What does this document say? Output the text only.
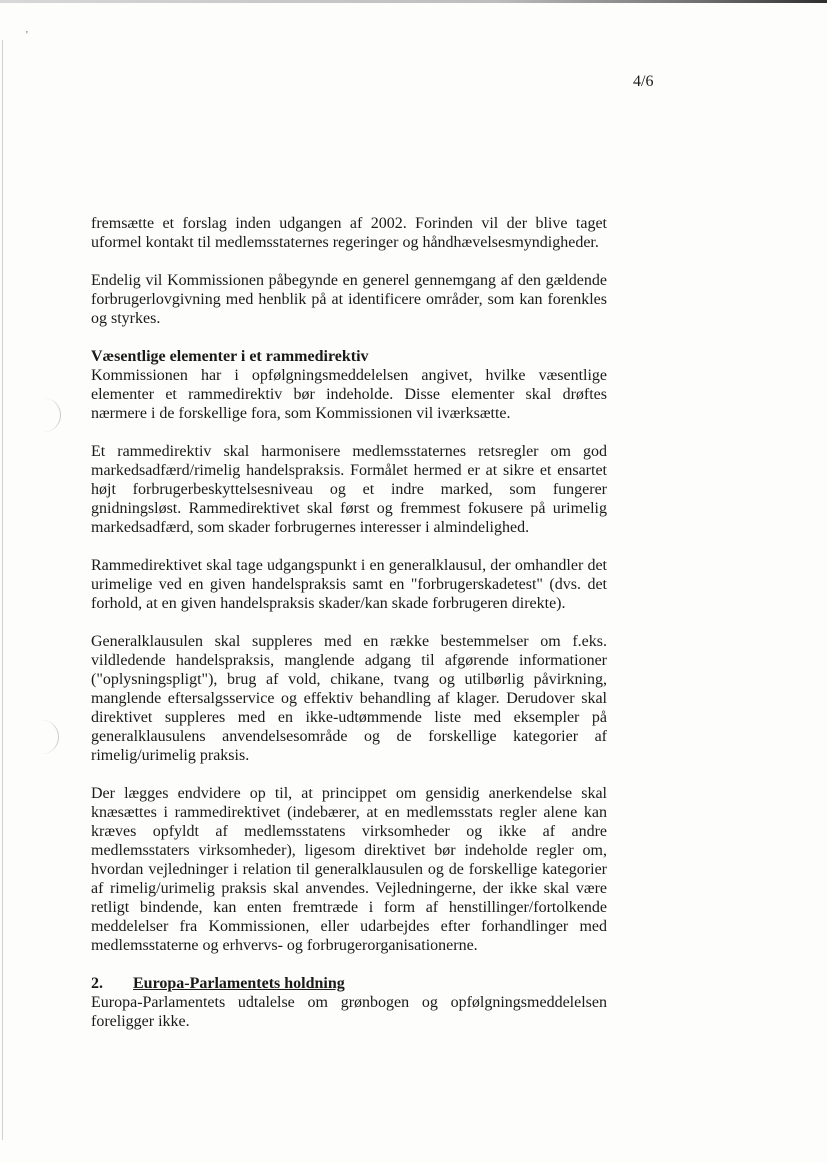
'
4/6

fremsætte et forslag inden udgangen af 2002. Forinden vil der blive taget uformel kontakt til medlemsstaternes regeringer og håndhævelsesmyndigheder.

Endelig vil Kommissionen påbegynde en generel gennemgang af den gældende forbrugerlovgivning med henblik på at identificere områder, som kan forenkles og styrkes.

Væsentlige elementer i et rammedirektiv

Kommissionen har i opfølgningsmeddelelsen angivet, hvilke væsentlige elementer et rammedirektiv bør indeholde. Disse elementer skal drøftes nærmere i de forskellige fora, som Kommissionen vil iværksætte.

Et rammedirektiv skal harmonisere medlemsstaternes retsregler om god markedsadfærd/rimelig handelspraksis. Formålet hermed er at sikre et ensartet højt forbrugerbeskyttelsesniveau og et indre marked, som fungerer gnidningsløst. Rammedirektivet skal først og fremmest fokusere på urimelig markedsadfærd, som skader forbrugernes interesser i almindelighed.

Rammedirektivet skal tage udgangspunkt i en generalklausul, der omhandler det urimelige ved en given handelspraksis samt en "forbrugerskadetest" (dvs. det forhold, at en given handelspraksis skader/kan skade forbrugeren direkte).

Generalklausulen skal suppleres med en række bestemmelser om f.eks. vildledende handelspraksis, manglende adgang til afgørende informationer ("oplysningspligt"), brug af vold, chikane, tvang og utilbørlig påvirkning, manglende eftersalgsservice og effektiv behandling af klager. Derudover skal direktivet suppleres med en ikke-udtømmende liste med eksempler på generalklausulens anvendelsesområde og de forskellige kategorier af rimelig/urimelig praksis.

Der lægges endvidere op til, at princippet om gensidig anerkendelse skal knæsættes i rammedirektivet (indebærer, at en medlemsstats regler alene kan kræves opfyldt af medlemsstatens virksomheder og ikke af andre medlemsstaters virksomheder), ligesom direktivet bør indeholde regler om, hvordan vejledninger i relation til generalklausulen og de forskellige kategorier af rimelig/urimelig praksis skal anvendes. Vejledningerne, der ikke skal være retligt bindende, kan enten fremtræde i form af henstillinger/fortolkende meddelelser fra Kommissionen, eller udarbejdes efter forhandlinger med medlemsstaterne og erhvervs- og forbrugerorganisationerne.

2. Europa-Parlamentets holdning

Europa-Parlamentets udtalelse om grønbogen og opfølgningsmeddelelsen foreligger ikke.
